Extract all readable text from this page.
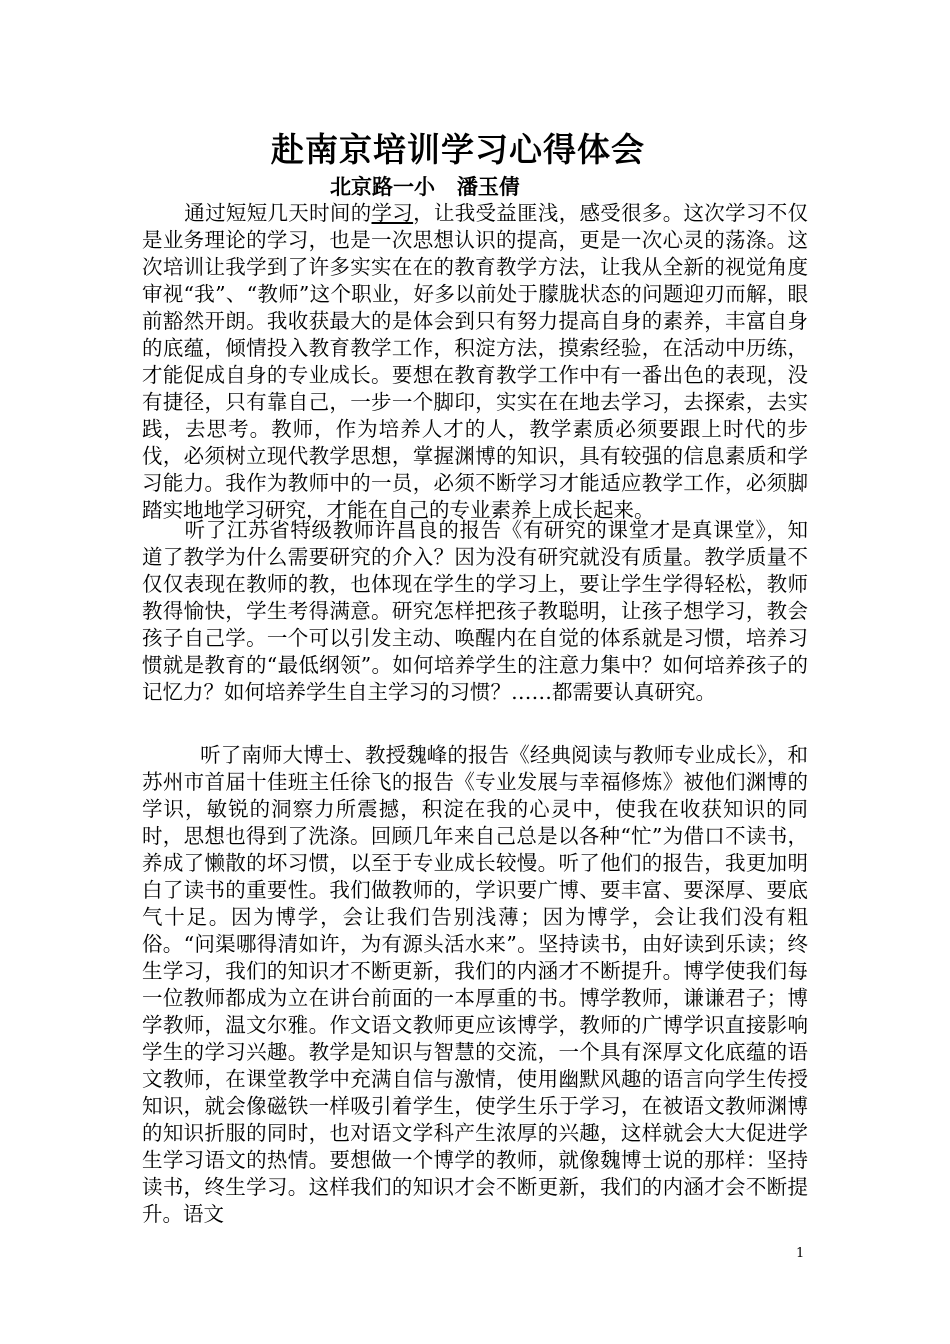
赴南京培训学习心得体会
北京路一小   潘玉倩

通过短短几天时间的学习，让我受益匪浅，感受很多。这次学习不仅是业务理论的学习，也是一次思想认识的提高，更是一次心灵的荡涤。这次培训让我学到了许多实实在在的教育教学方法，让我从全新的视觉角度审视“我”、“教师”这个职业，好多以前处于朦胧状态的问题迎刃而解，眼前豁然开朗。我收获最大的是体会到只有努力提高自身的素养，丰富自身的底蕴，倾情投入教育教学工作，积淀方法，摸索经验，在活动中历练，才能促成自身的专业成长。要想在教育教学工作中有一番出色的表现，没有捷径，只有靠自己，一步一个脚印，实实在在地去学习，去探索，去实践，去思考。教师，作为培养人才的人，教学素质必须要跟上时代的步伐，必须树立现代教学思想，掌握渊博的知识，具有较强的信息素质和学习能力。我作为教师中的一员，必须不断学习才能适应教学工作，必须脚踏实地地学习研究，才能在自己的专业素养上成长起来。

听了江苏省特级教师许昌良的报告《有研究的课堂才是真课堂》，知道了教学为什么需要研究的介入？因为没有研究就没有质量。教学质量不仅仅表现在教师的教，也体现在学生的学习上，要让学生学得轻松，教师教得愉快，学生考得满意。研究怎样把孩子教聪明，让孩子想学习，教会孩子自己学。一个可以引发主动、唤醒内在自觉的体系就是习惯，培养习惯就是教育的“最低纲领”。如何培养学生的注意力集中？如何培养孩子的记忆力？如何培养学生自主学习的习惯？……都需要认真研究。

听了南师大博士、教授魏峰的报告《经典阅读与教师专业成长》，和苏州市首届十佳班主任徐飞的报告《专业发展与幸福修炼》被他们渊博的学识，敏锐的洞察力所震撼，积淀在我的心灵中，使我在收获知识的同时，思想也得到了洗涤。回顾几年来自己总是以各种“忙”为借口不读书，养成了懒散的坏习惯，以至于专业成长较慢。听了他们的报告，我更加明白了读书的重要性。我们做教师的，学识要广博、要丰富、要深厚、要底气十足。因为博学，会让我们告别浅薄；因为博学，会让我们没有粗俗。“问渠哪得清如许，为有源头活水来”。坚持读书，由好读到乐读；终生学习，我们的知识才不断更新，我们的内涵才不断提升。博学使我们每一位教师都成为立在讲台前面的一本厚重的书。博学教师，谦谦君子；博学教师，温文尔雅。作文语文教师更应该博学，教师的广博学识直接影响学生的学习兴趣。教学是知识与智慧的交流，一个具有深厚文化底蕴的语文教师，在课堂教学中充满自信与激情，使用幽默风趣的语言向学生传授知识，就会像磁铁一样吸引着学生，使学生乐于学习，在被语文教师渊博的知识折服的同时，也对语文学科产生浓厚的兴趣，这样就会大大促进学生学习语文的热情。要想做一个博学的教师，就像魏博士说的那样：坚持读书，终生学习。这样我们的知识才会不断更新，我们的内涵才会不断提升。语文

1
